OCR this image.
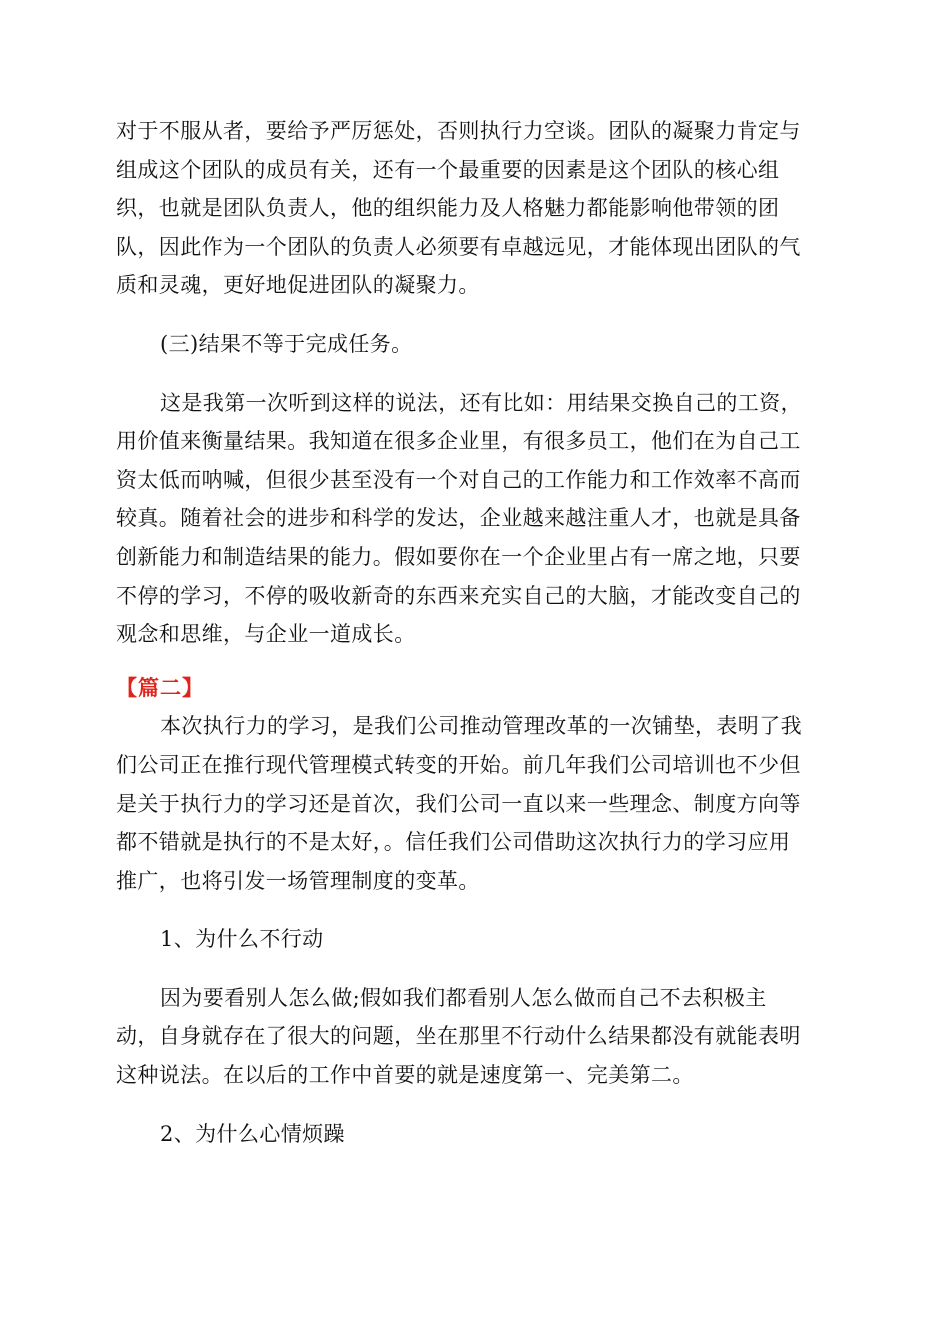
对于不服从者，要给予严厉惩处，否则执行力空谈。团队的凝聚力肯定与
组成这个团队的成员有关，还有一个最重要的因素是这个团队的核心组
织，也就是团队负责人，他的组织能力及人格魅力都能影响他带领的团
队，因此作为一个团队的负责人必须要有卓越远见，才能体现出团队的气
质和灵魂，更好地促进团队的凝聚力。

(三)结果不等于完成任务。

这是我第一次听到这样的说法，还有比如：用结果交换自己的工资，
用价值来衡量结果。我知道在很多企业里，有很多员工，他们在为自己工
资太低而呐喊，但很少甚至没有一个对自己的工作能力和工作效率不高而
较真。随着社会的进步和科学的发达，企业越来越注重人才，也就是具备
创新能力和制造结果的能力。假如要你在一个企业里占有一席之地，只要
不停的学习，不停的吸收新奇的东西来充实自己的大脑，才能改变自己的
观念和思维，与企业一道成长。

【篇二】

本次执行力的学习，是我们公司推动管理改革的一次铺垫，表明了我
们公司正在推行现代管理模式转变的开始。前几年我们公司培训也不少但
是关于执行力的学习还是首次，我们公司一直以来一些理念、制度方向等
都不错就是执行的不是太好，。信任我们公司借助这次执行力的学习应用
推广，也将引发一场管理制度的变革。

1、为什么不行动

因为要看别人怎么做;假如我们都看别人怎么做而自己不去积极主
动，自身就存在了很大的问题，坐在那里不行动什么结果都没有就能表明
这种说法。在以后的工作中首要的就是速度第一、完美第二。

2、为什么心情烦躁
